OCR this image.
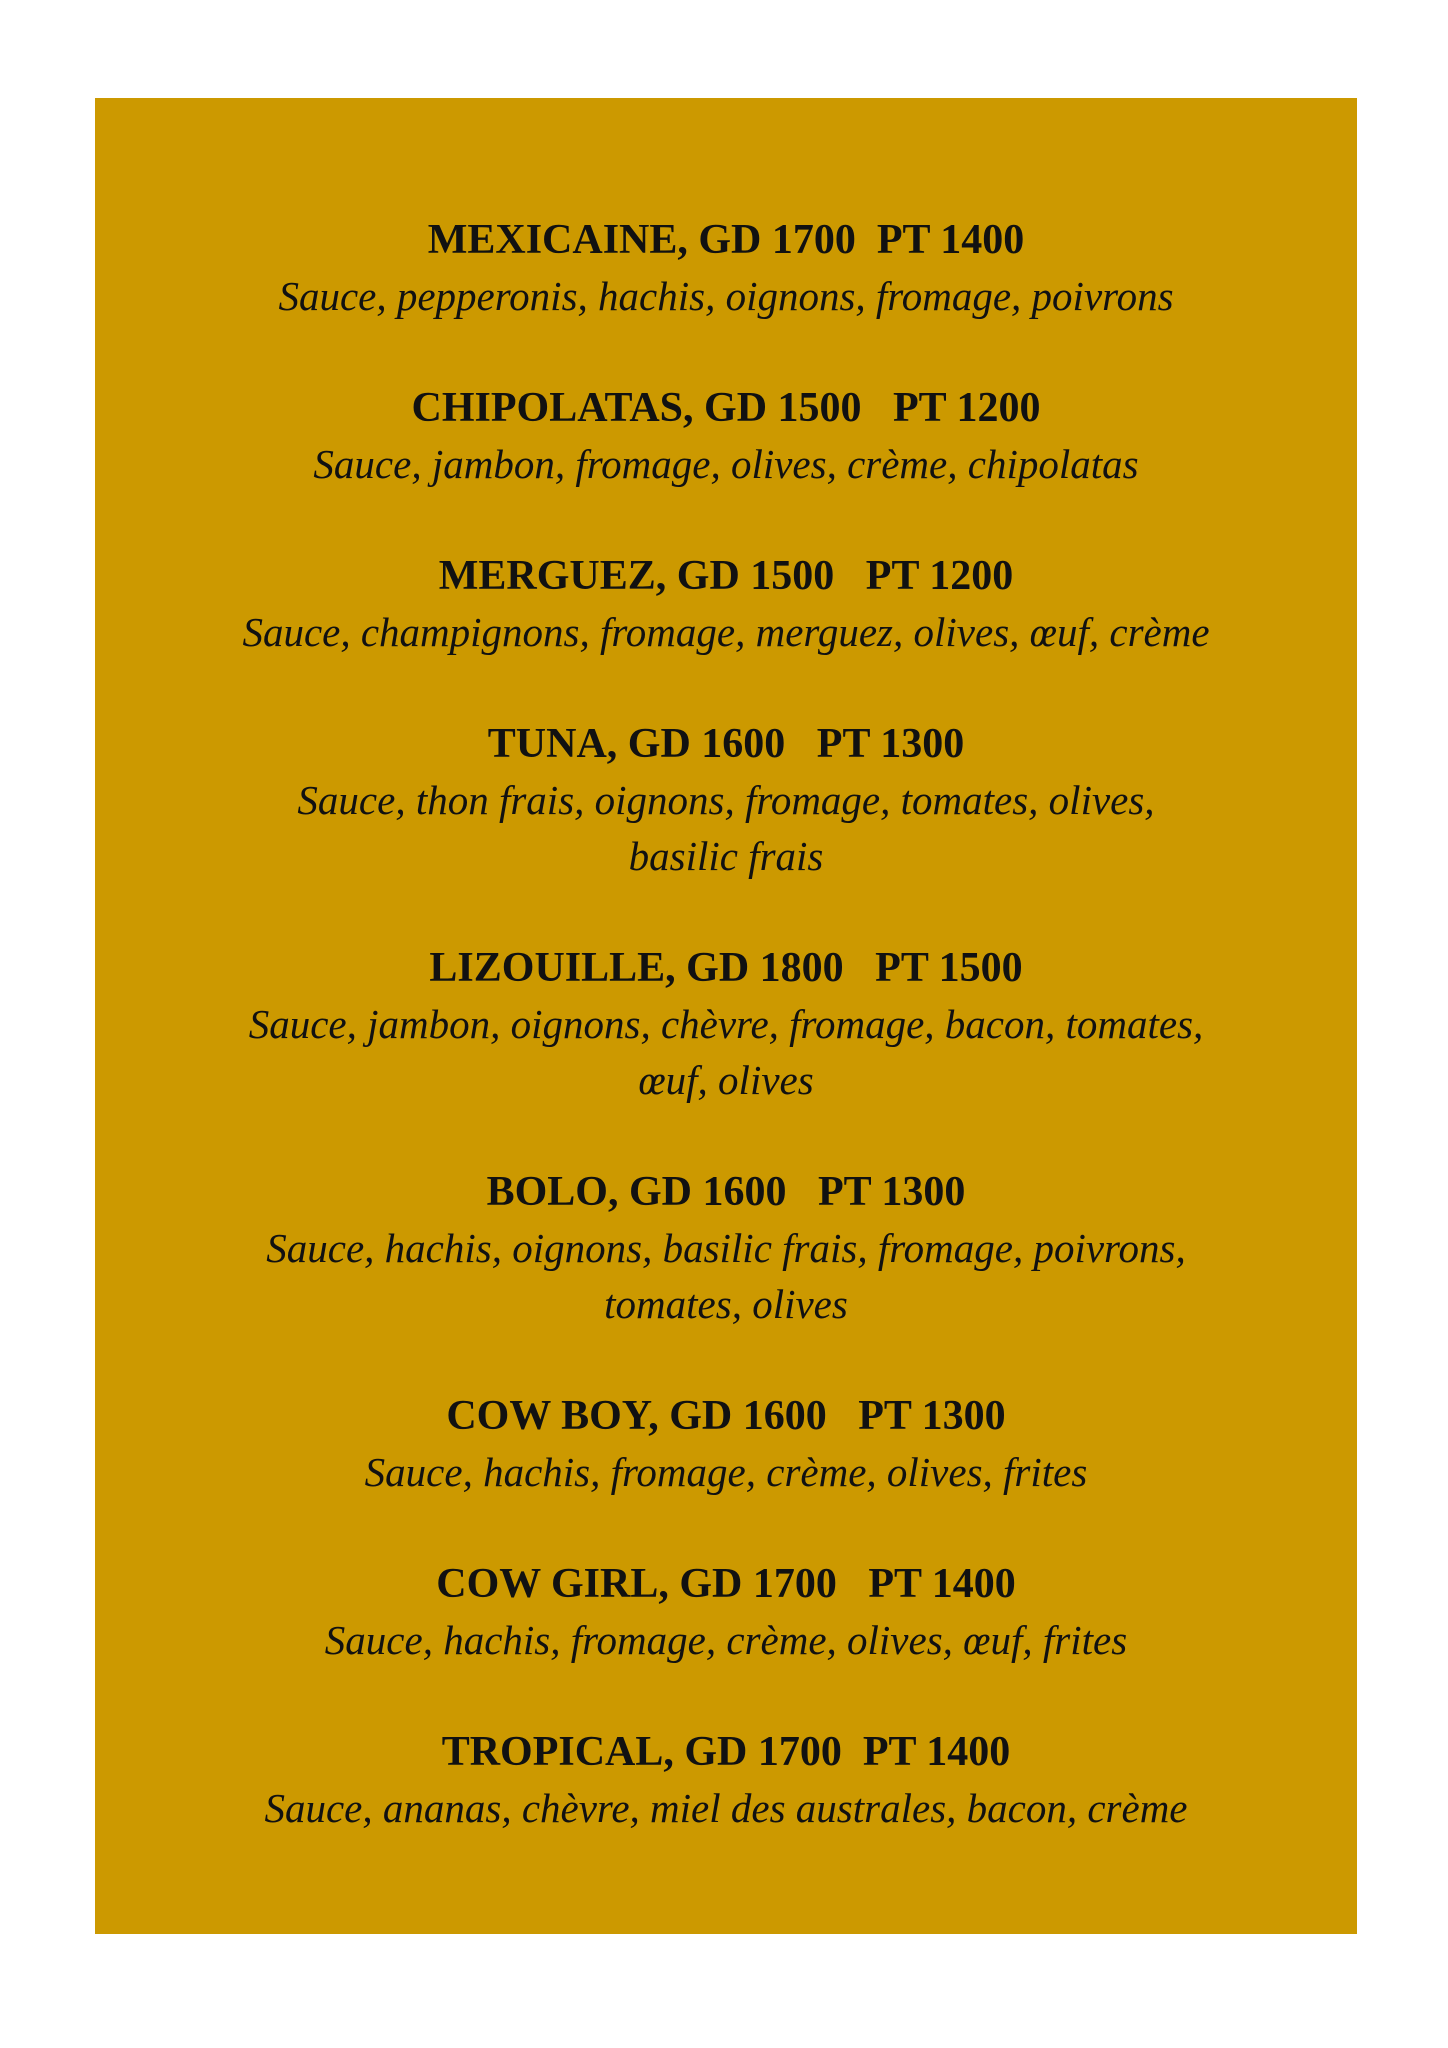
MEXICAINE, GD 1700  PT 1400

Sauce, pepperonis, hachis, oignons, fromage, poivrons

CHIPOLATAS, GD 1500   PT 1200

Sauce, jambon, fromage, olives, crème, chipolatas

MERGUEZ, GD 1500   PT 1200

Sauce, champignons, fromage, merguez, olives, œuf, crème

TUNA, GD 1600   PT 1300

Sauce, thon frais, oignons, fromage, tomates, olives,
basilic frais

LIZOUILLE, GD 1800   PT 1500

Sauce, jambon, oignons, chèvre, fromage, bacon, tomates,
œuf, olives

BOLO, GD 1600   PT 1300

Sauce, hachis, oignons, basilic frais, fromage, poivrons,
tomates, olives

COW BOY, GD 1600   PT 1300

Sauce, hachis, fromage, crème, olives, frites

COW GIRL, GD 1700   PT 1400

Sauce, hachis, fromage, crème, olives, œuf, frites

TROPICAL, GD 1700  PT 1400

Sauce, ananas, chèvre, miel des australes, bacon, crème
